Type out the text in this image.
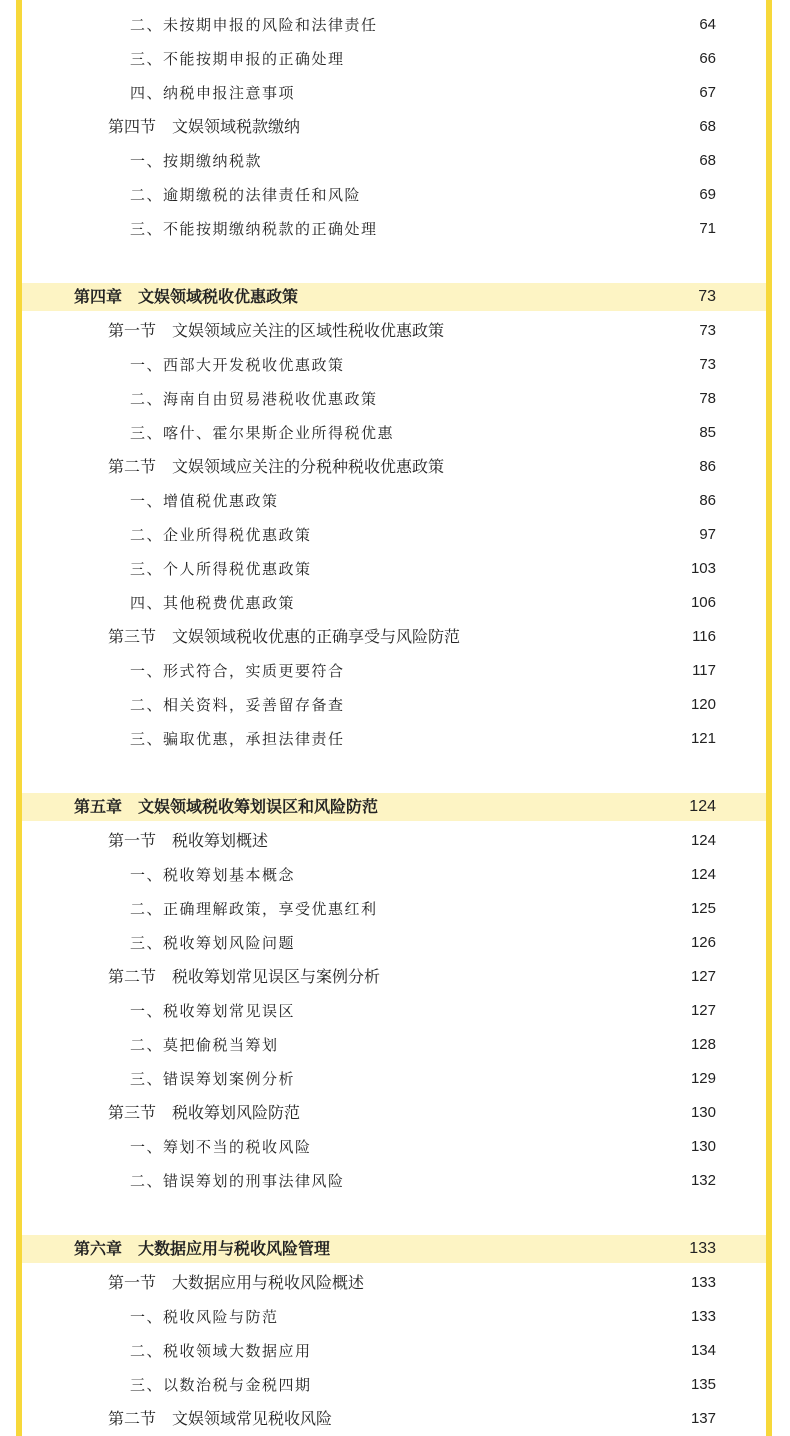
二、未按期申报的风险和法律责任	64
三、不能按期申报的正确处理	66
四、纳税申报注意事项	67
第四节　文娱领域税款缴纳	68
一、按期缴纳税款	68
二、逾期缴税的法律责任和风险	69
三、不能按期缴纳税款的正确处理	71
第四章　文娱领域税收优惠政策	73
第一节　文娱领域应关注的区域性税收优惠政策	73
一、西部大开发税收优惠政策	73
二、海南自由贸易港税收优惠政策	78
三、喀什、霍尔果斯企业所得税优惠	85
第二节　文娱领域应关注的分税种税收优惠政策	86
一、增值税优惠政策	86
二、企业所得税优惠政策	97
三、个人所得税优惠政策	103
四、其他税费优惠政策	106
第三节　文娱领域税收优惠的正确享受与风险防范	116
一、形式符合，实质更要符合	117
二、相关资料，妥善留存备查	120
三、骗取优惠，承担法律责任	121
第五章　文娱领域税收筹划误区和风险防范	124
第一节　税收筹划概述	124
一、税收筹划基本概念	124
二、正确理解政策，享受优惠红利	125
三、税收筹划风险问题	126
第二节　税收筹划常见误区与案例分析	127
一、税收筹划常见误区	127
二、莫把偷税当筹划	128
三、错误筹划案例分析	129
第三节　税收筹划风险防范	130
一、筹划不当的税收风险	130
二、错误筹划的刑事法律风险	132
第六章　大数据应用与税收风险管理	133
第一节　大数据应用与税收风险概述	133
一、税收风险与防范	133
二、税收领域大数据应用	134
三、以数治税与金税四期	135
第二节　文娱领域常见税收风险	137
